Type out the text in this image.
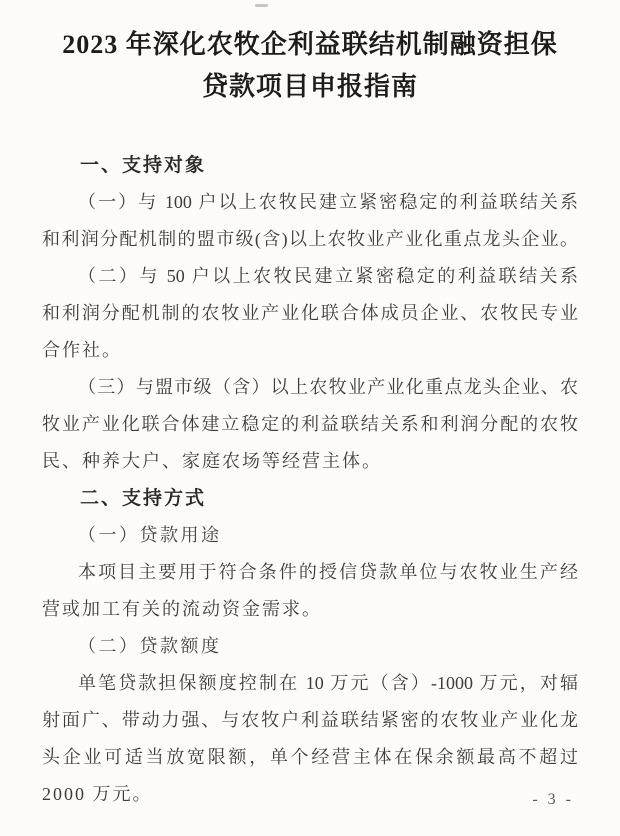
2023 年深化农牧企利益联结机制融资担保
贷款项目申报指南
一、支持对象
（一）与 100 户以上农牧民建立紧密稳定的利益联结关系
和利润分配机制的盟市级(含)以上农牧业产业化重点龙头企业。
（二）与 50 户以上农牧民建立紧密稳定的利益联结关系
和利润分配机制的农牧业产业化联合体成员企业、农牧民专业
合作社。
（三）与盟市级（含）以上农牧业产业化重点龙头企业、农
牧业产业化联合体建立稳定的利益联结关系和利润分配的农牧
民、种养大户、家庭农场等经营主体。
二、支持方式
（一）贷款用途
本项目主要用于符合条件的授信贷款单位与农牧业生产经
营或加工有关的流动资金需求。
（二）贷款额度
单笔贷款担保额度控制在 10 万元（含）-1000 万元，对辐
射面广、带动力强、与农牧户利益联结紧密的农牧业产业化龙
头企业可适当放宽限额，单个经营主体在保余额最高不超过
2000 万元。	- 3 -
